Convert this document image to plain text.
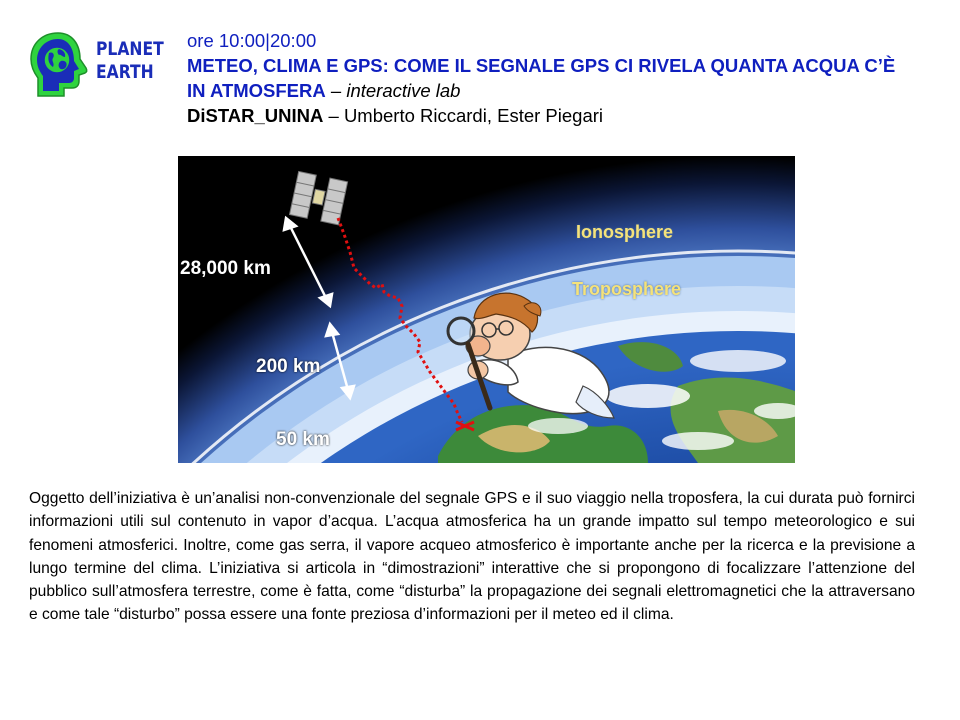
PLANET
EARTH
ore 10:00|20:00
METEO, CLIMA E GPS: COME IL SEGNALE GPS CI RIVELA QUANTA ACQUA C’È
IN ATMOSFERA – interactive lab
DiSTAR_UNINA – Umberto Riccardi, Ester Piegari
Ionosphere
Troposphere
28,000 km
200 km
50 km
Oggetto dell’iniziativa è un’analisi non-convenzionale del segnale GPS e il suo viaggio nella troposfera, la cui durata può fornirci informazioni utili sul contenuto in vapor d’acqua. L’acqua atmosferica ha un grande impatto sul tempo meteorologico e sui fenomeni atmosferici. Inoltre, come gas serra, il vapore acqueo atmosferico è importante anche per la ricerca e la previsione a lungo termine del clima. L’iniziativa si articola in “dimostrazioni” interattive che si propongono di focalizzare l’attenzione del pubblico sull’atmosfera terrestre, come è fatta, come “disturba” la propagazione dei segnali elettromagnetici che la attraversano e come tale “disturbo” possa essere una fonte preziosa d’informazioni per il meteo ed il clima.
